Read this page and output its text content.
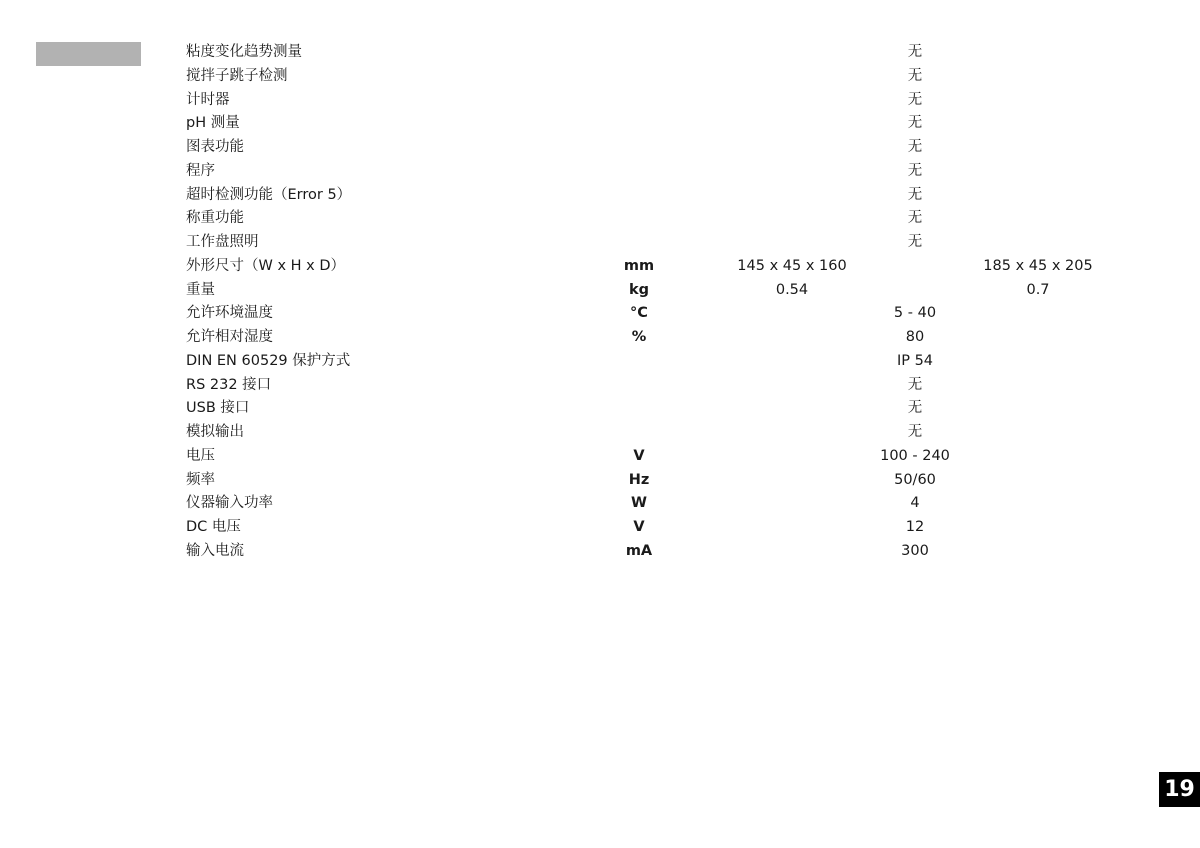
粘度变化趋势测量	无
搅拌子跳子检测	无
计时器	无
pH 测量	无
图表功能	无
程序	无
超时检测功能（Error 5）	无
称重功能	无
工作盘照明	无
外形尺寸（W x H x D）	mm	145 x 45 x 160	185 x 45 x 205
重量	kg	0.54	0.7
允许环境温度	°C	5 - 40
允许相对湿度	%	80
DIN EN 60529 保护方式	IP 54
RS 232 接口	无
USB 接口	无
模拟输出	无
电压	V	100 - 240
频率	Hz	50/60
仪器输入功率	W	4
DC 电压	V	12
输入电流	mA	300
19
